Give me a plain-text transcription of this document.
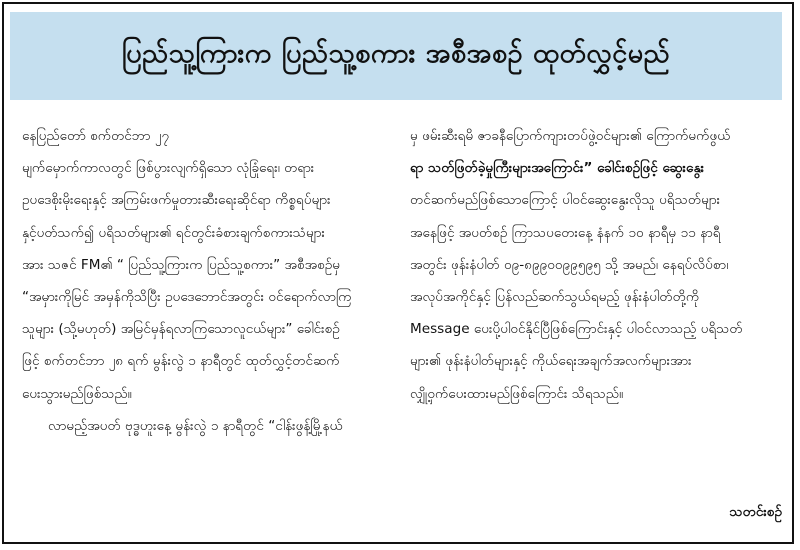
ပြည်သူ့ကြားက ပြည်သူ့စကား အစီအစဉ် ထုတ်လွှင့်မည်
နေပြည်တော် စက်တင်ဘာ ၂၇
မျက်မှောက်ကာလတွင် ဖြစ်ပွားလျက်ရှိသော လုံခြုံရေး၊ တရား
ဥပဒေစိုးမိုးရေးနှင့် အကြမ်းဖက်မှုတားဆီးရေးဆိုင်ရာ ကိစ္စရပ်များ
နှင့်ပတ်သက်၍ ပရိသတ်များ၏ ရင်တွင်းခံစားချက်စကားသံများ
အား သဇင် FM၏ “ ပြည်သူ့ကြားက ပြည်သူ့စကား” အစီအစဉ်မှ
“အမှားကိုမြင် အမှန်ကိုသိပြီး ဥပဒေဘောင်အတွင်း ဝင်ရောက်လာကြ
သူများ (သို့မဟုတ်) အမြင်မှန်ရလာကြသောလူငယ်များ” ခေါင်းစဉ်
ဖြင့် စက်တင်ဘာ ၂၈ ရက် မွန်းလွဲ ၁ နာရီတွင် ထုတ်လွှင့်တင်ဆက်
ပေးသွားမည်ဖြစ်သည်။
လာမည့်အပတ် ဗုဒ္ဓဟူးနေ့ မွန်းလွဲ ၁ နာရီတွင် “ငါန်းဖွန့်မြို့နယ်
မှ ဖမ်းဆီးရမိ ဇာခနီပြောက်ကျားတပ်ဖွဲ့ဝင်များ၏ ကြောက်မက်ဖွယ်
ရာ သတ်ဖြတ်ခဲ့မှုကြီးများအကြောင်း” ခေါင်းစဉ်ဖြင့် ဆွေးနွေး
တင်ဆက်မည်ဖြစ်သောကြောင့် ပါဝင်ဆွေးနွေးလိုသူ ပရိသတ်များ
အနေဖြင့် အပတ်စဉ် ကြာသပတေးနေ့ နံနက် ၁၀ နာရီမှ ၁၁ နာရီ
အတွင်း ဖုန်းနံပါတ် ၀၉-၈၉၉၀၀၉၉၅၉၅ သို့ အမည်၊ နေရပ်လိပ်စာ၊
အလုပ်အကိုင်နှင့် ပြန်လည်ဆက်သွယ်ရမည့် ဖုန်းနံပါတ်တို့ကို
Message ပေးပို့ပါဝင်နိုင်ပြီဖြစ်ကြောင်းနှင့် ပါဝင်လာသည့် ပရိသတ်
များ၏ ဖုန်းနံပါတ်များနှင့် ကိုယ်ရေးအချက်အလက်များအား
လျှို့ဝှက်ပေးထားမည်ဖြစ်ကြောင်း သိရသည်။
သတင်းစဉ်
